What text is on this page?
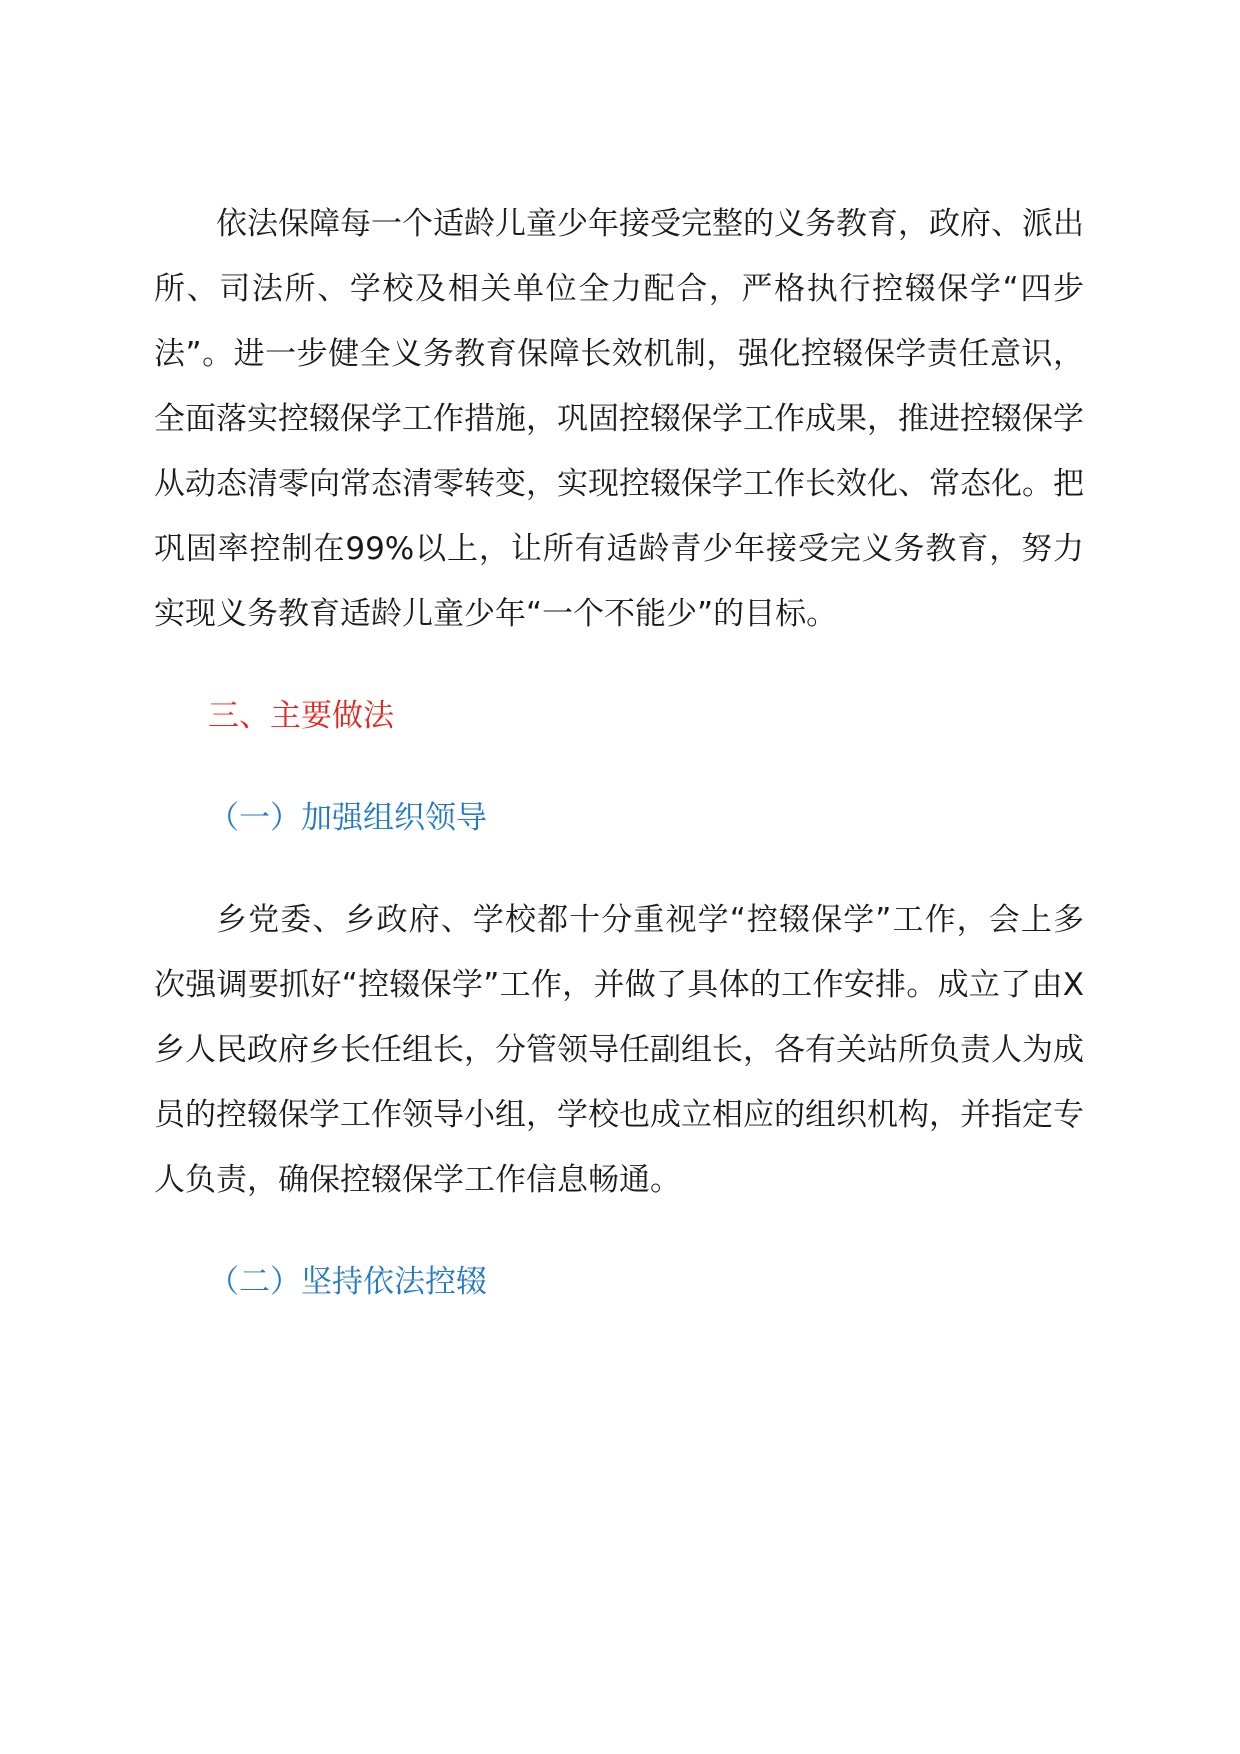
依法保障每一个适龄儿童少年接受完整的义务教育，政府、派出所、司法所、学校及相关单位全力配合，严格执行控辍保学“四步法”。进一步健全义务教育保障长效机制，强化控辍保学责任意识，全面落实控辍保学工作措施，巩固控辍保学工作成果，推进控辍保学从动态清零向常态清零转变，实现控辍保学工作长效化、常态化。把巩固率控制在99%以上，让所有适龄青少年接受完义务教育，努力实现义务教育适龄儿童少年“一个不能少”的目标。

三、主要做法
（一）加强组织领导

乡党委、乡政府、学校都十分重视学“控辍保学”工作，会上多次强调要抓好“控辍保学”工作，并做了具体的工作安排。成立了由X乡人民政府乡长任组长，分管领导任副组长，各有关站所负责人为成员的控辍保学工作领导小组，学校也成立相应的组织机构，并指定专人负责，确保控辍保学工作信息畅通。

（二）坚持依法控辍
